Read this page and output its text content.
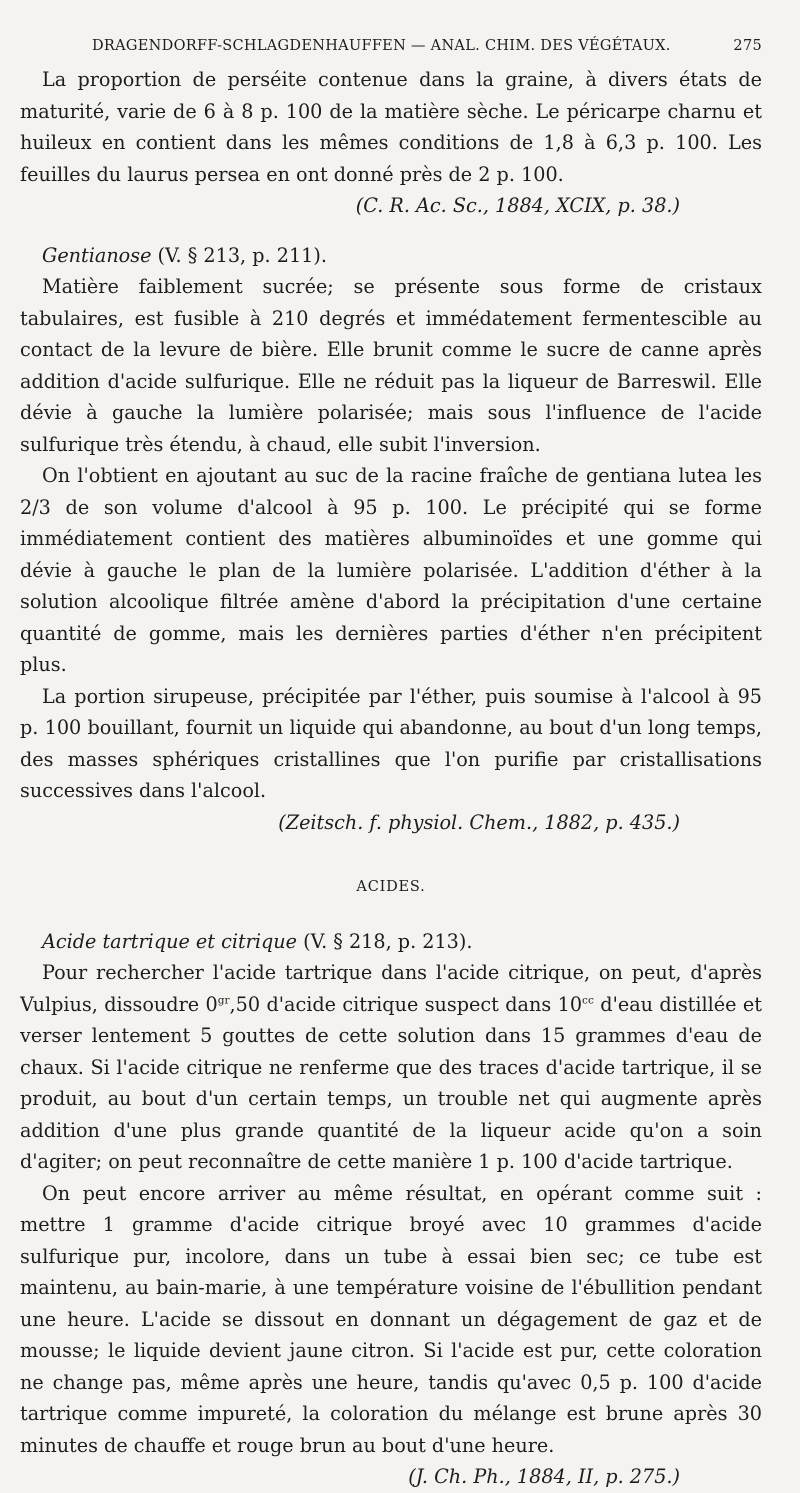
DRAGENDORFF-SCHLAGDENHAUFFEN — ANAL. CHIM. DES VÉGÉTAUX.	275

La proportion de perséite contenue dans la graine, à divers états de maturité, varie de 6 à 8 p. 100 de la matière sèche. Le péricarpe charnu et huileux en contient dans les mêmes conditions de 1,8 à 6,3 p. 100. Les feuilles du laurus persea en ont donné près de 2 p. 100.

(C. R. Ac. Sc., 1884, XCIX, p. 38.)

Gentianose (V. § 213, p. 211).

Matière faiblement sucrée; se présente sous forme de cristaux tabulaires, est fusible à 210 degrés et immédatement fermentescible au contact de la levure de bière. Elle brunit comme le sucre de canne après addition d'acide sulfurique. Elle ne réduit pas la liqueur de Barreswil. Elle dévie à gauche la lumière polarisée; mais sous l'influence de l'acide sulfurique très étendu, à chaud, elle subit l'inversion.

On l'obtient en ajoutant au suc de la racine fraîche de gentiana lutea les 2/3 de son volume d'alcool à 95 p. 100. Le précipité qui se forme immédiatement contient des matières albuminoïdes et une gomme qui dévie à gauche le plan de la lumière polarisée. L'addition d'éther à la solution alcoolique filtrée amène d'abord la précipitation d'une certaine quantité de gomme, mais les dernières parties d'éther n'en précipitent plus.

La portion sirupeuse, précipitée par l'éther, puis soumise à l'alcool à 95 p. 100 bouillant, fournit un liquide qui abandonne, au bout d'un long temps, des masses sphériques cristallines que l'on purifie par cristallisations successives dans l'alcool.

(Zeitsch. f. physiol. Chem., 1882, p. 435.)

ACIDES.

Acide tartrique et citrique (V. § 218, p. 213).

Pour rechercher l'acide tartrique dans l'acide citrique, on peut, d'après Vulpius, dissoudre $0^{gr},50$ d'acide citrique suspect dans $10^{cc}$ d'eau distillée et verser lentement 5 gouttes de cette solution dans 15 grammes d'eau de chaux. Si l'acide citrique ne renferme que des traces d'acide tartrique, il se produit, au bout d'un certain temps, un trouble net qui augmente après addition d'une plus grande quantité de la liqueur acide qu'on a soin d'agiter; on peut reconnaître de cette manière 1 p. 100 d'acide tartrique.

On peut encore arriver au même résultat, en opérant comme suit : mettre 1 gramme d'acide citrique broyé avec 10 grammes d'acide sulfurique pur, incolore, dans un tube à essai bien sec; ce tube est maintenu, au bain-marie, à une température voisine de l'ébullition pendant une heure. L'acide se dissout en donnant un dégagement de gaz et de mousse; le liquide devient jaune citron. Si l'acide est pur, cette coloration ne change pas, même après une heure, tandis qu'avec 0,5 p. 100 d'acide tartrique comme impureté, la coloration du mélange est brune après 30 minutes de chauffe et rouge brun au bout d'une heure.

(J. Ch. Ph., 1884, II, p. 275.)
